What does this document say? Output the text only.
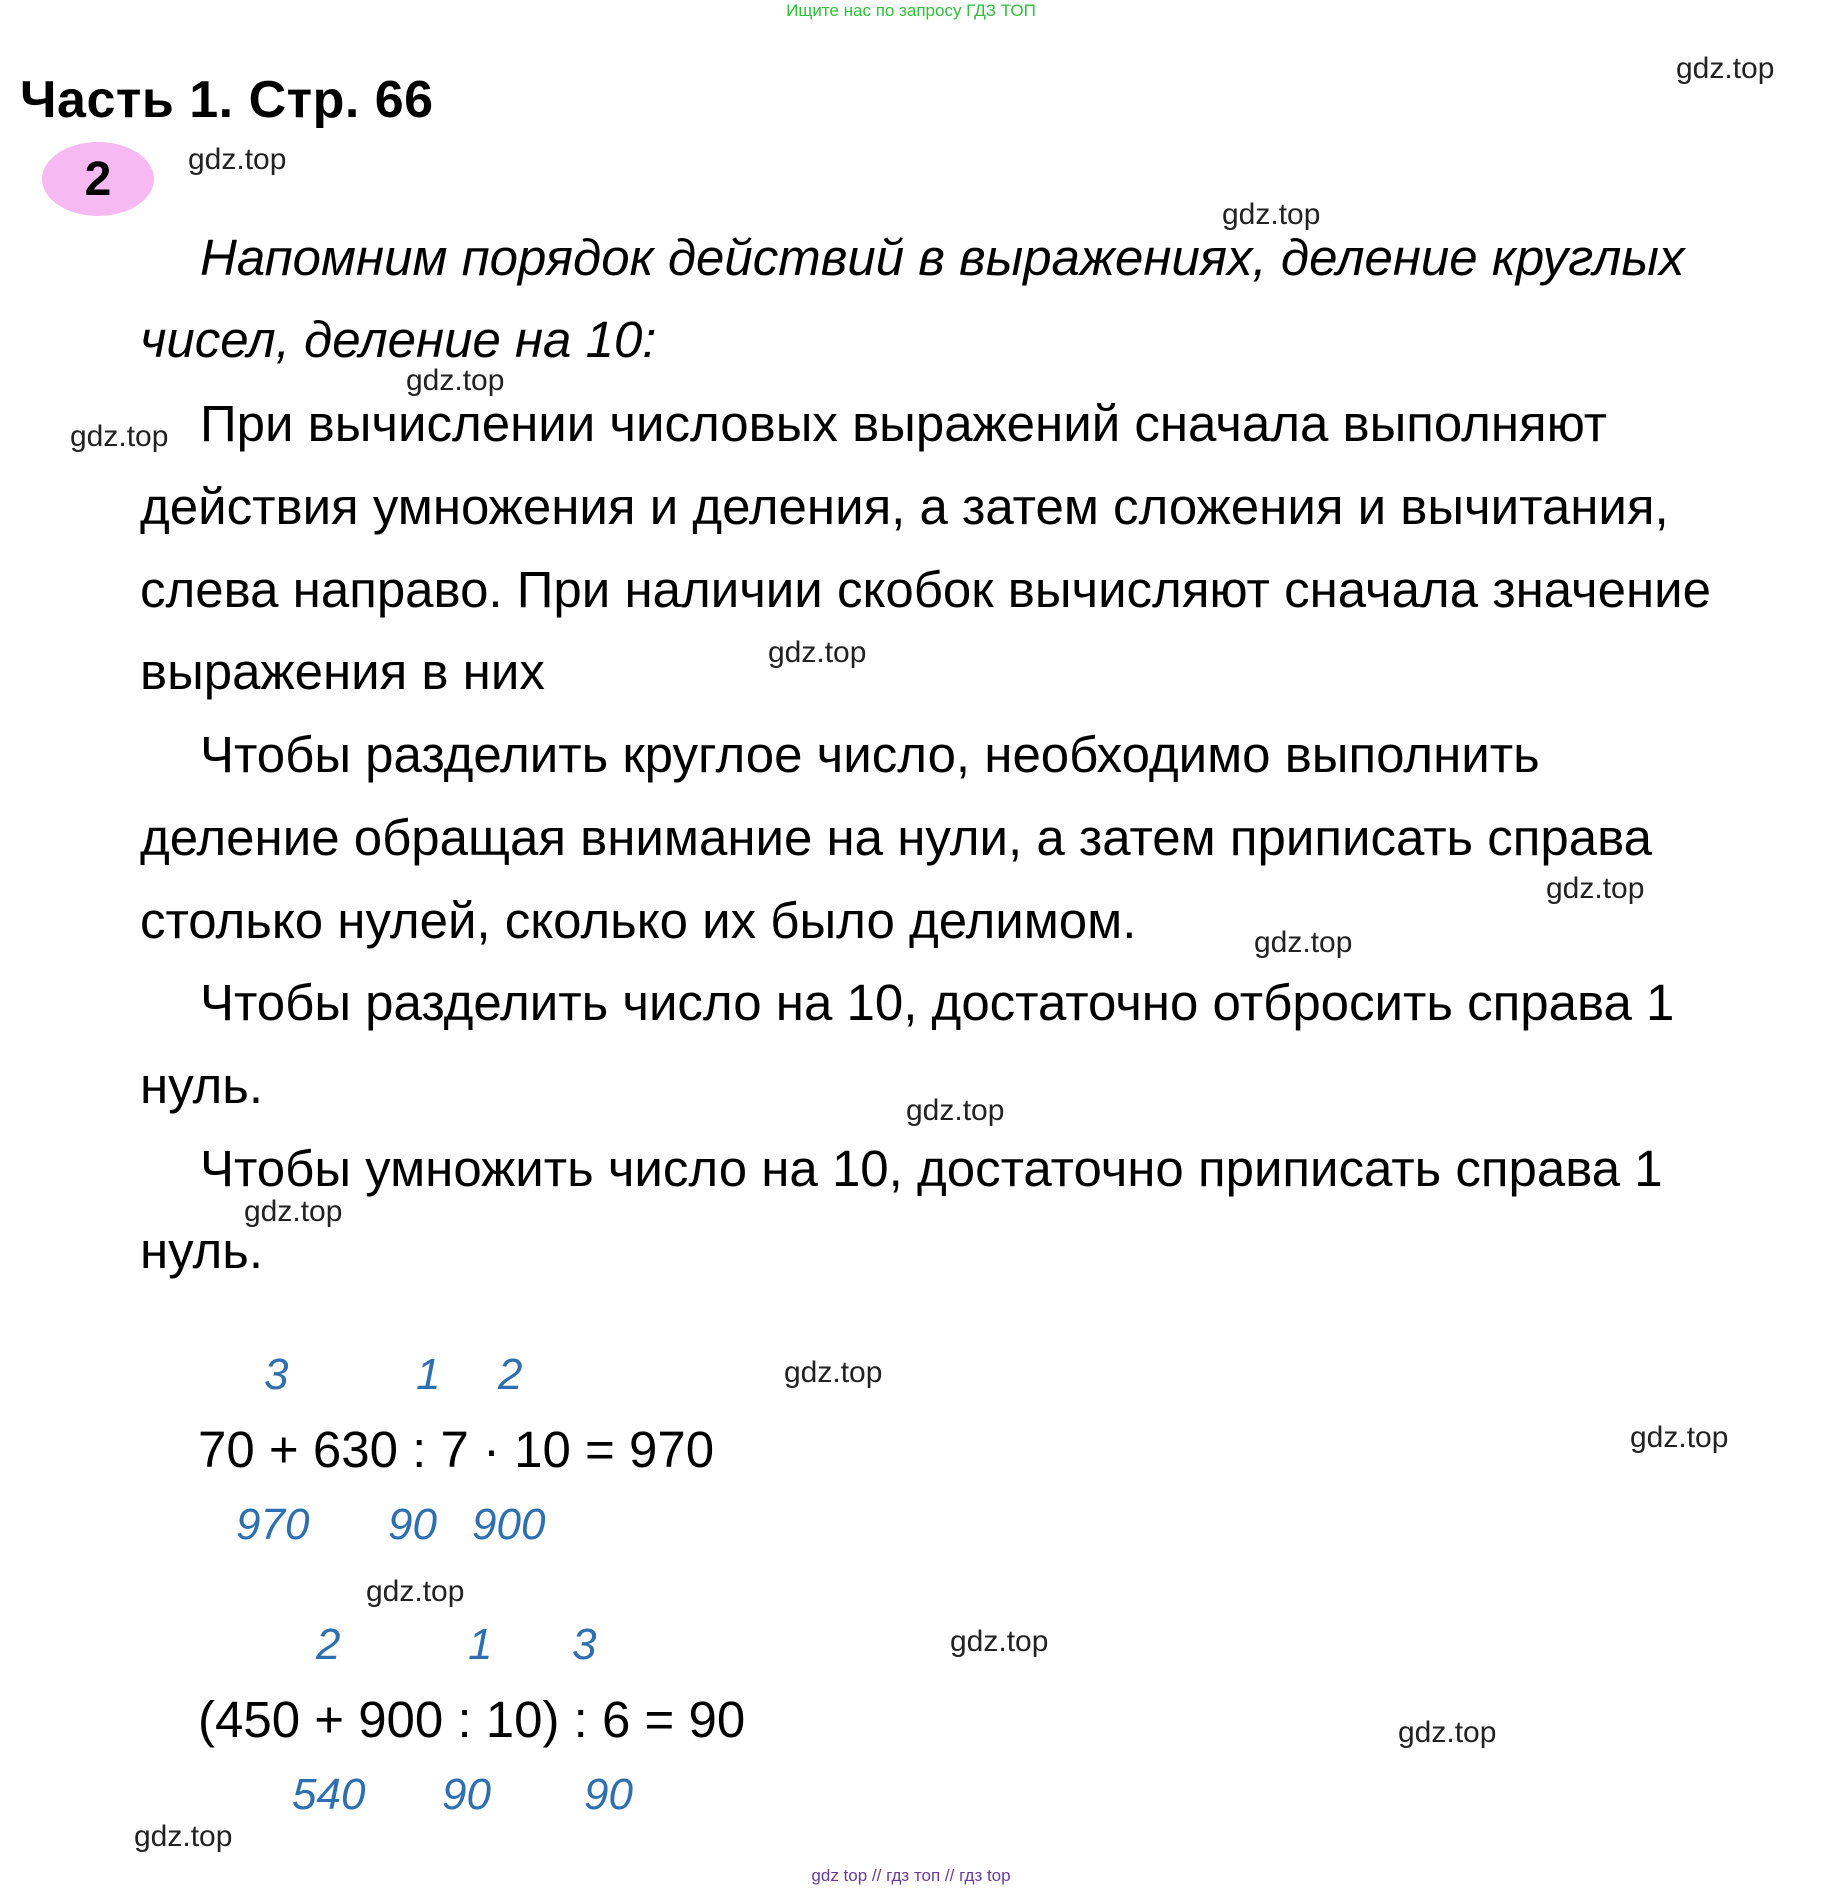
Ищите нас по запросу ГДЗ ТОП
Часть 1. Стр. 66
2
gdz.top
gdz.top
gdz.top
gdz.top
gdz.top
gdz.top
gdz.top
gdz.top
gdz.top
gdz.top
gdz.top
gdz.top
gdz.top
gdz.top
gdz.top
gdz.top
Напомним порядок действий в выражениях, деление круглых
чисел, деление на 10:
При вычислении числовых выражений сначала выполняют
действия умножения и деления, а затем сложения и вычитания,
слева направо. При наличии скобок вычисляют сначала значение
выражения в них
Чтобы разделить круглое число, необходимо выполнить
деление обращая внимание на нули, а затем приписать справа
столько нулей, сколько их было делимом.
Чтобы разделить число на 10, достаточно отбросить справа 1
нуль.
Чтобы умножить число на 10, достаточно приписать справа 1
нуль.
3	1 2
70 + 630 : 7 · 10 = 970
970 90 900
2	1 3
(450 + 900 : 10) : 6 = 90
540 90 90
gdz top // гдз топ // гдз top
